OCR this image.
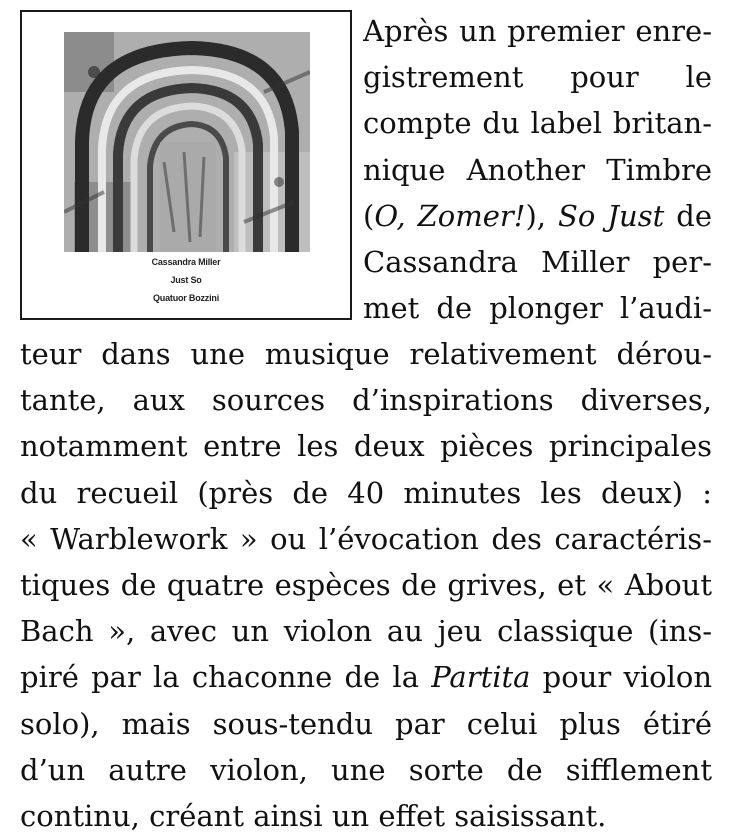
Cassandra Miller
Just So
Quatuor Bozzini
Après un premier enre-
gistrement pour le
compte du label britan-
nique Another Timbre
(O, Zomer!), So Just de
Cassandra Miller per-
met de plonger l’audi-
teur dans une musique relativement dérou-
tante, aux sources d’inspirations diverses,
notamment entre les deux pièces principales
du recueil (près de 40 minutes les deux) :
« Warblework » ou l’évocation des caractéris-
tiques de quatre espèces de grives, et « About
Bach », avec un violon au jeu classique (ins-
piré par la chaconne de la Partita pour violon
solo), mais sous-tendu par celui plus étiré
d’un autre violon, une sorte de sifflement
continu, créant ainsi un effet saisissant.
